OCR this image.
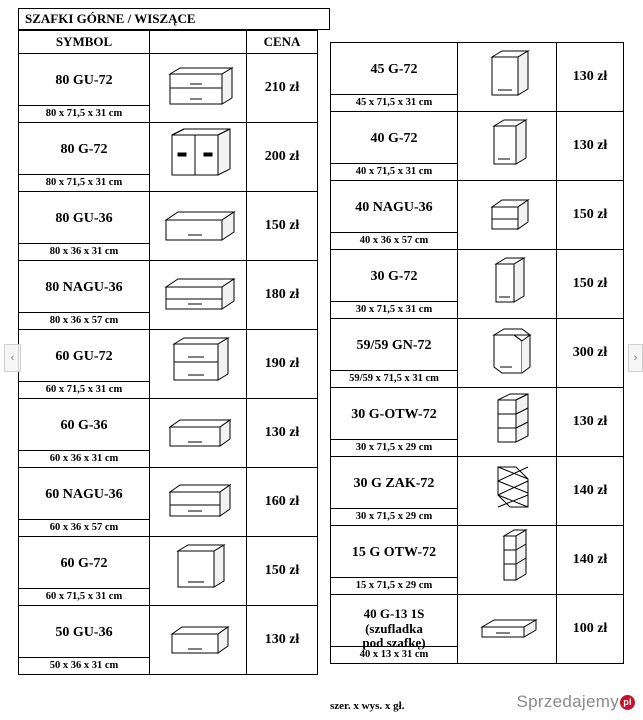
SZAFKI GÓRNE / WISZĄCE
SYMBOL		CENA

80 GU-72
80 x 71,5 x 31 cm		210 zł

80 G-72
80 x 71,5 x 31 cm		200 zł

80 GU-36
80 x 36 x 31 cm		150 zł

80 NAGU-36
80 x 36 x 57 cm		180 zł

60 GU-72
60 x 71,5 x 31 cm		190 zł

60 G-36
60 x 36 x 31 cm		130 zł

60 NAGU-36
60 x 36 x 57 cm		160 zł

60 G-72
60 x 71,5 x 31 cm		150 zł

50 GU-36
50 x 36 x 31 cm		130 zł
45 G-72
45 x 71,5 x 31 cm		130 zł

40 G-72
40 x 71,5 x 31 cm		130 zł

40 NAGU-36
40 x 36 x 57 cm		150 zł

30 G-72
30 x 71,5 x 31 cm		150 zł

59/59 GN-72
59/59 x 71,5 x 31 cm		300 zł

30 G-OTW-72
30 x 71,5 x 29 cm		130 zł

30 G ZAK-72
30 x 71,5 x 29 cm		140 zł

15 G OTW-72
15 x 71,5 x 29 cm		140 zł

40 G-13 1S
(szufladka
pod szafkę)
40 x 13 x 31 cm		100 zł
szer. x wys. x gł.
‹	›
Sprzedajemy pl
